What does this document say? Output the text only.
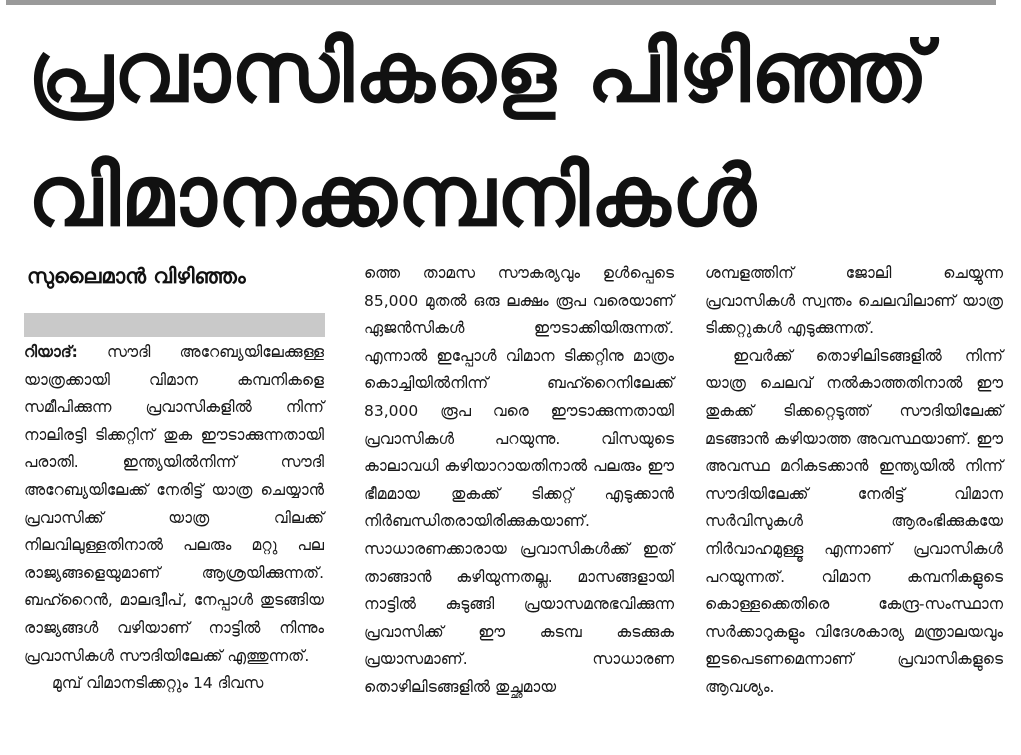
പ്രവാസികളെ പിഴിഞ്ഞ്
വിമാനക്കമ്പനികൾ
സുലൈമാൻ വിഴിഞ്ഞം

റിയാദ്: സൗദി അറേബ്യയിലേക്കുള്ള യാത്രക്കായി വിമാന കമ്പനികളെ സമീപിക്കുന്ന പ്രവാസികളിൽ നിന്ന് നാലിരട്ടി ടിക്കറ്റിന് തുക ഈടാക്കുന്നതായി പരാതി. ഇന്ത്യയിൽനിന്ന് സൗദി അറേബ്യയിലേക്ക് നേരിട്ട് യാത്ര ചെയ്യാൻ പ്രവാസിക്ക് യാത്ര വിലക്ക് നിലവിലുള്ളതിനാൽ പലരും മറ്റു പല രാജ്യങ്ങളെയുമാണ് ആശ്രയിക്കുന്നത്. ബഹ്റൈൻ, മാലദ്വീപ്, നേപ്പാൾ തുടങ്ങിയ രാജ്യങ്ങൾ വഴിയാണ് നാട്ടിൽ നിന്നും പ്രവാസികൾ സൗദിയിലേക്ക് എത്തുന്നത്.

മുമ്പ് വിമാനടിക്കറ്റും 14 ദിവസ

ത്തെ താമസ സൗകര്യവും ഉൾപ്പെടെ 85,000 മുതൽ ഒരു ലക്ഷം രൂപ വരെയാണ് ഏജൻസികൾ ഈടാക്കിയിരുന്നത്. എന്നാൽ ഇപ്പോൾ വിമാന ടിക്കറ്റിനു മാത്രം കൊച്ചിയിൽനിന്ന് ബഹ്റൈനിലേക്ക് 83,000 രൂപ വരെ ഈടാക്കുന്നതായി പ്രവാസികൾ പറയുന്നു. വിസയുടെ കാലാവധി കഴിയാറായതിനാൽ പലരും ഈ ഭീമമായ തുകക്ക് ടിക്കറ്റ് എടുക്കാൻ നിർബന്ധിതരായിരിക്കുകയാണ്. സാധാരണക്കാരായ പ്രവാസികൾക്ക് ഇത് താങ്ങാൻ കഴിയുന്നതല്ല. മാസങ്ങളായി നാട്ടിൽ കുടുങ്ങി പ്രയാസമനുഭവിക്കുന്ന പ്രവാസിക്ക് ഈ കടമ്പ കടക്കുക പ്രയാസമാണ്. സാധാരണ തൊഴിലിടങ്ങളിൽ തുച്ഛമായ

ശമ്പളത്തിന് ജോലി ചെയ്യുന്ന പ്രവാസികൾ സ്വന്തം ചെലവിലാണ് യാത്ര ടിക്കറ്റുകൾ എടുക്കുന്നത്.

ഇവർക്ക് തൊഴിലിടങ്ങളിൽ നിന്ന് യാത്ര ചെലവ് നൽകാത്തതിനാൽ ഈ തുകക്ക് ടിക്കറ്റെടുത്ത് സൗദിയിലേക്ക് മടങ്ങാൻ കഴിയാത്ത അവസ്ഥയാണ്. ഈ അവസ്ഥ മറികടക്കാൻ ഇന്ത്യയിൽ നിന്ന് സൗദിയിലേക്ക് നേരിട്ട് വിമാന സർവിസുകൾ ആരംഭിക്കുകയേ നിർവാഹമുള്ളൂ എന്നാണ് പ്രവാസികൾ പറയുന്നത്. വിമാന കമ്പനികളുടെ കൊള്ളക്കെതിരെ കേന്ദ്ര-സംസ്ഥാന സർക്കാറുകളും വിദേശകാര്യ മന്ത്രാലയവും ഇടപെടണമെന്നാണ് പ്രവാസികളുടെ ആവശ്യം.
